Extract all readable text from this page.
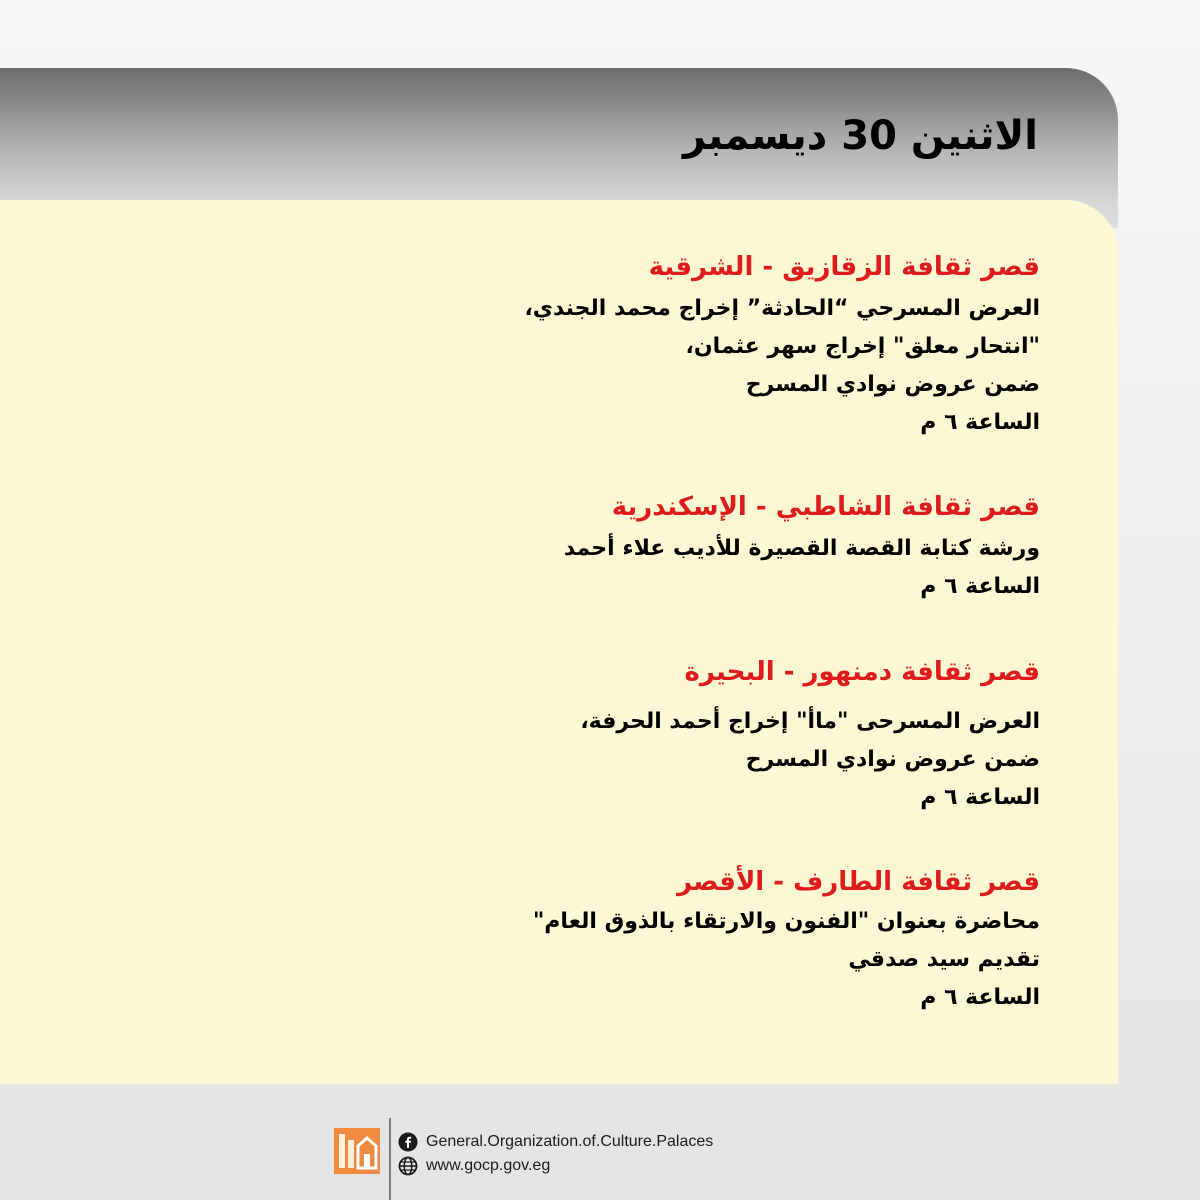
الاثنين 30 ديسمبر
قصر ثقافة الزقازيق - الشرقية
العرض المسرحي “الحادثة” إخراج محمد الجندي،
"انتحار معلق" إخراج سهر عثمان،
ضمن عروض نوادي المسرح
الساعة ٦ م
قصر ثقافة الشاطبي - الإسكندرية
ورشة كتابة القصة القصيرة للأديب علاء أحمد
الساعة ٦ م
قصر ثقافة دمنهور - البحيرة
العرض المسرحى "ماأ" إخراج أحمد الحرفة،
ضمن عروض نوادي المسرح
الساعة ٦ م
قصر ثقافة الطارف - الأقصر
محاضرة بعنوان "الفنون والارتقاء بالذوق العام"
تقديم سيد صدقي
الساعة ٦ م
General.Organization.of.Culture.Palaces
www.gocp.gov.eg
